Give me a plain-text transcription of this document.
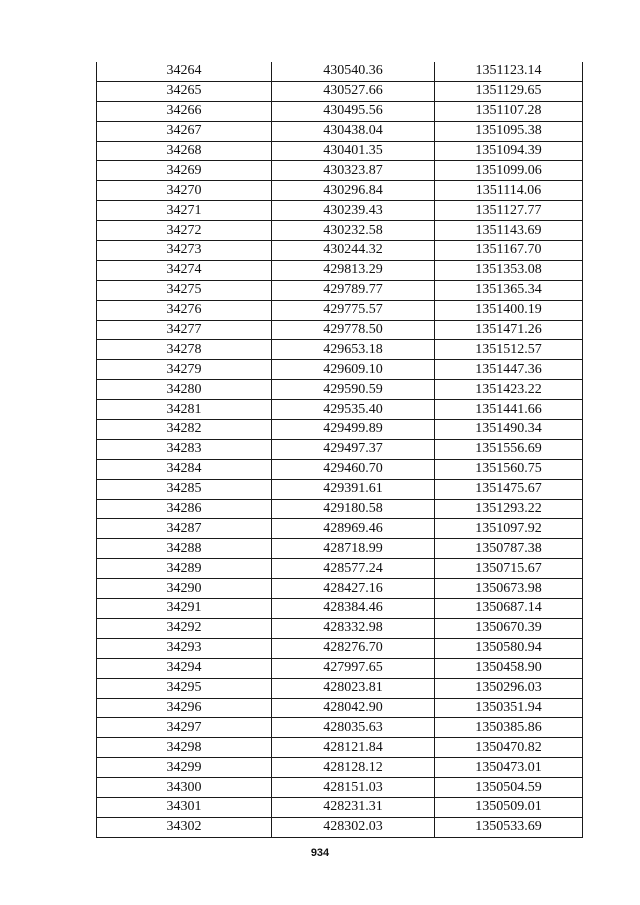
34264	430540.36	1351123.14
34265	430527.66	1351129.65
34266	430495.56	1351107.28
34267	430438.04	1351095.38
34268	430401.35	1351094.39
34269	430323.87	1351099.06
34270	430296.84	1351114.06
34271	430239.43	1351127.77
34272	430232.58	1351143.69
34273	430244.32	1351167.70
34274	429813.29	1351353.08
34275	429789.77	1351365.34
34276	429775.57	1351400.19
34277	429778.50	1351471.26
34278	429653.18	1351512.57
34279	429609.10	1351447.36
34280	429590.59	1351423.22
34281	429535.40	1351441.66
34282	429499.89	1351490.34
34283	429497.37	1351556.69
34284	429460.70	1351560.75
34285	429391.61	1351475.67
34286	429180.58	1351293.22
34287	428969.46	1351097.92
34288	428718.99	1350787.38
34289	428577.24	1350715.67
34290	428427.16	1350673.98
34291	428384.46	1350687.14
34292	428332.98	1350670.39
34293	428276.70	1350580.94
34294	427997.65	1350458.90
34295	428023.81	1350296.03
34296	428042.90	1350351.94
34297	428035.63	1350385.86
34298	428121.84	1350470.82
34299	428128.12	1350473.01
34300	428151.03	1350504.59
34301	428231.31	1350509.01
34302	428302.03	1350533.69
934
